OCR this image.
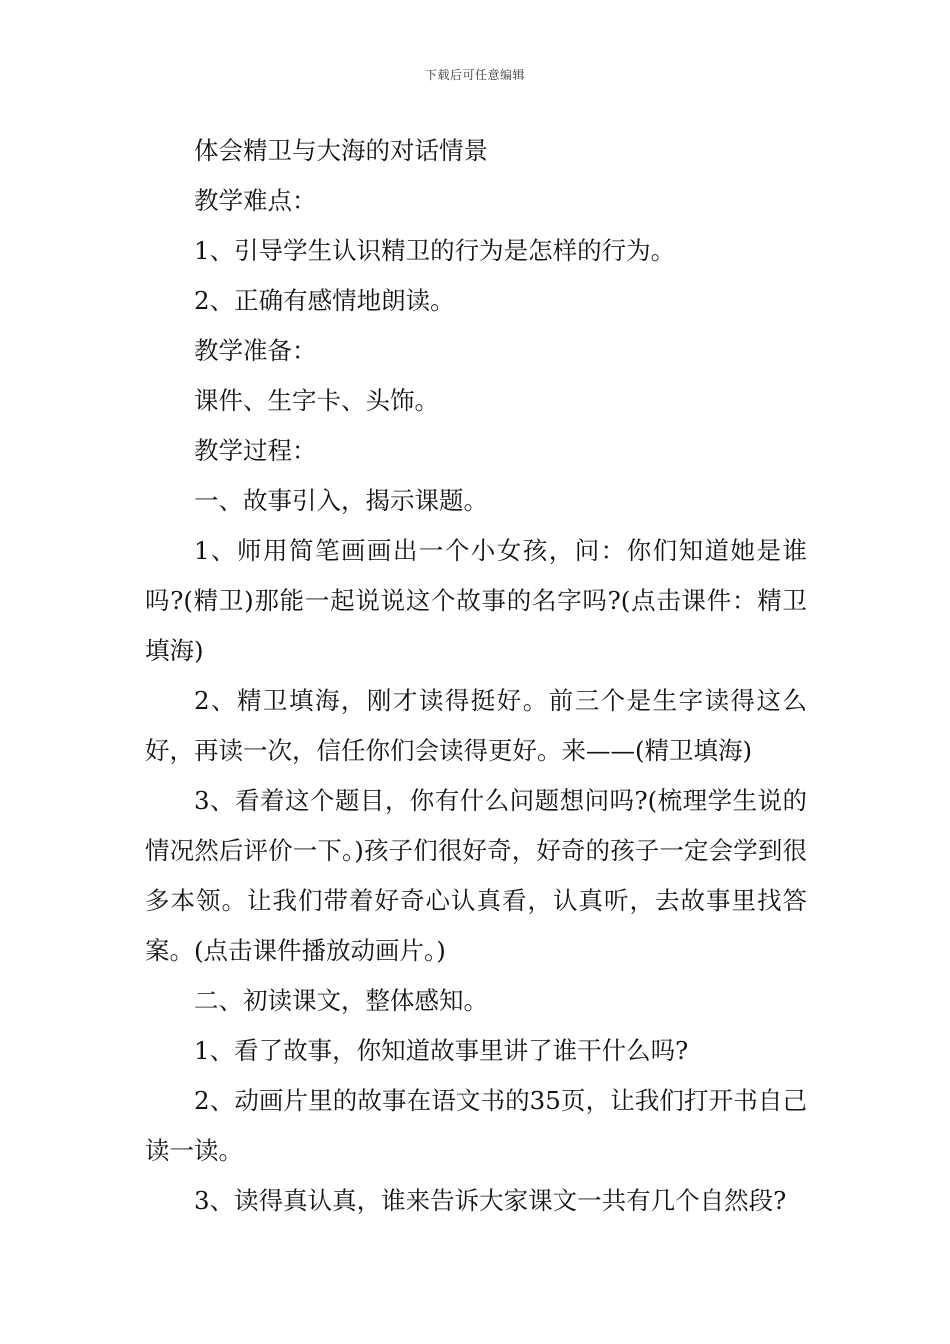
下载后可任意编辑

体会精卫与大海的对话情景

教学难点：

1、引导学生认识精卫的行为是怎样的行为。

2、正确有感情地朗读。

教学准备：

课件、生字卡、头饰。

教学过程：

一、故事引入，揭示课题。

1、师用简笔画画出一个小女孩，问：你们知道她是谁吗?(精卫)那能一起说说这个故事的名字吗?(点击课件：精卫填海)

2、精卫填海，刚才读得挺好。前三个是生字读得这么好，再读一次，信任你们会读得更好。来——(精卫填海)

3、看着这个题目，你有什么问题想问吗?(梳理学生说的情况然后评价一下。)孩子们很好奇，好奇的孩子一定会学到很多本领。让我们带着好奇心认真看，认真听，去故事里找答案。(点击课件播放动画片。)

二、初读课文，整体感知。

1、看了故事，你知道故事里讲了谁干什么吗?

2、动画片里的故事在语文书的35页，让我们打开书自己读一读。

3、读得真认真，谁来告诉大家课文一共有几个自然段?
